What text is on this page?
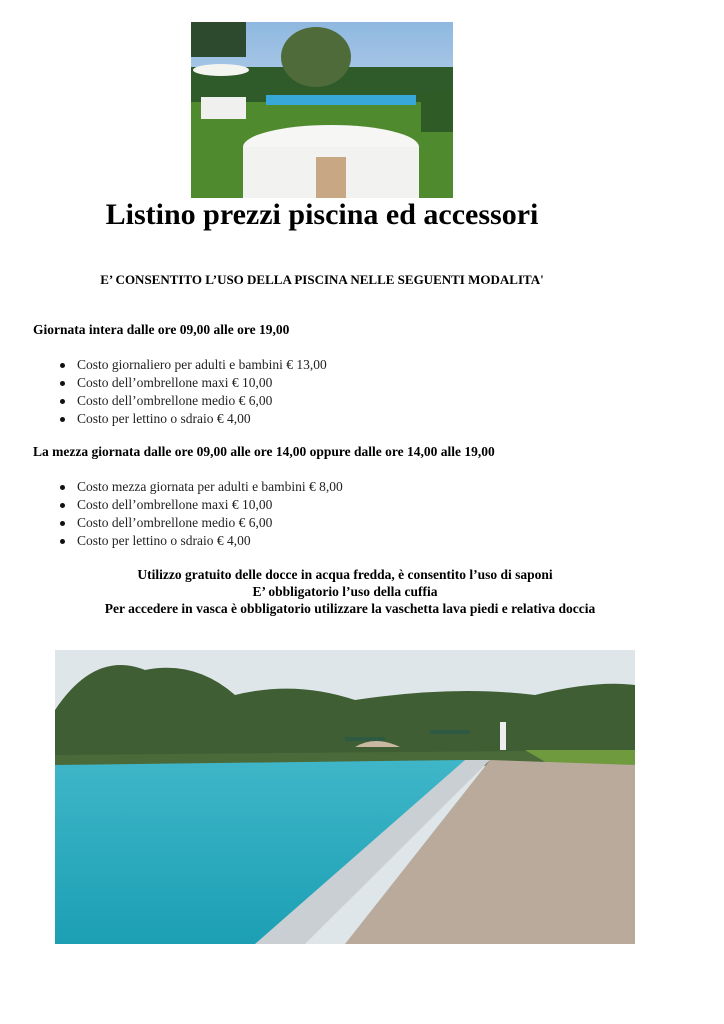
Listino prezzi piscina ed accessori
E’ CONSENTITO L’USO DELLA PISCINA NELLE SEGUENTI MODALITA'
Giornata intera dalle ore 09,00 alle ore 19,00
Costo giornaliero per adulti e bambini € 13,00
Costo dell’ombrellone maxi € 10,00
Costo dell’ombrellone medio € 6,00
Costo per lettino o sdraio € 4,00
La mezza giornata dalle ore 09,00 alle ore 14,00 oppure dalle ore 14,00 alle 19,00
Costo mezza giornata per adulti e bambini € 8,00
Costo dell’ombrellone maxi € 10,00
Costo dell’ombrellone medio € 6,00
Costo per lettino o sdraio € 4,00
Utilizzo gratuito delle docce in acqua fredda, è consentito l’uso di saponi
E’ obbligatorio l’uso della cuffia
Per accedere in vasca è obbligatorio utilizzare la vaschetta lava piedi e relativa doccia
